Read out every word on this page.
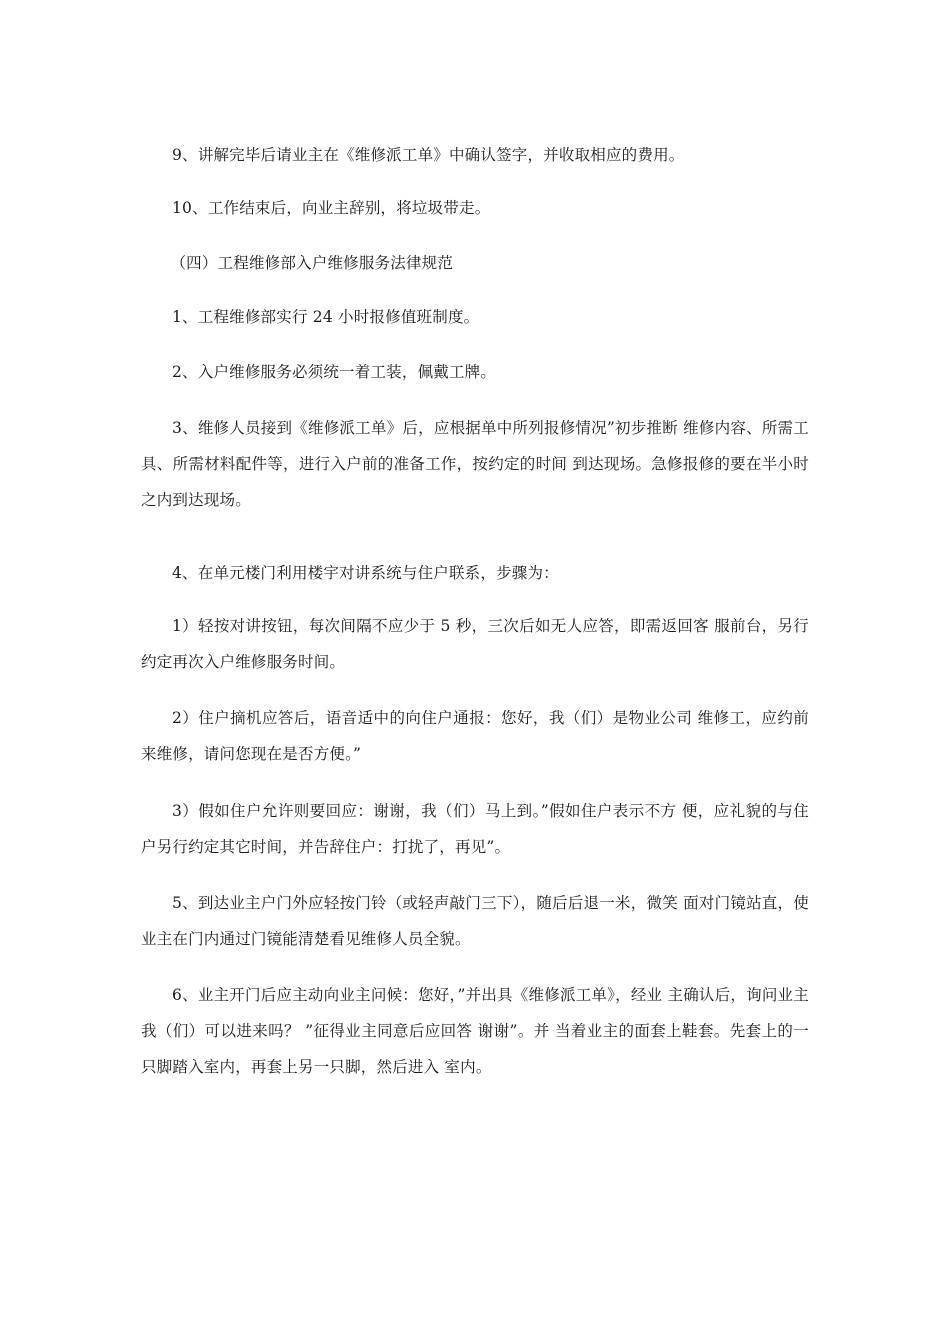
9、讲解完毕后请业主在《维修派工单》中确认签字，并收取相应的费用。

10、工作结束后，向业主辞别，将垃圾带走。

（四）工程维修部入户维修服务法律规范

1、工程维修部实行 24 小时报修值班制度。

2、入户维修服务必须统一着工装，佩戴工牌。

3、维修人员接到《维修派工单》后，应根据单中所列报修情况”初步推断 维修内容、所需工具、所需材料配件等，进行入户前的准备工作，按约定的时间 到达现场。急修报修的要在半小时之内到达现场。

4、在单元楼门利用楼宇对讲系统与住户联系，步骤为：

1）轻按对讲按钮，每次间隔不应少于 5 秒，三次后如无人应答，即需返回客 服前台，另行约定再次入户维修服务时间。

2）住户摘机应答后，语音适中的向住户通报：您好，我（们）是物业公司 维修工，应约前来维修，请问您现在是否方便。”

3）假如住户允许则要回应：谢谢，我（们）马上到。”假如住户表示不方 便，应礼貌的与住户另行约定其它时间，并告辞住户：打扰了，再见”。

5、到达业主户门外应轻按门铃（或轻声敲门三下），随后后退一米，微笑 面对门镜站直，使业主在门内通过门镜能清楚看见维修人员全貌。

6、业主开门后应主动向业主问候：您好，”并出具《维修派工单》，经业 主确认后，询问业主我（们）可以进来吗？ ”征得业主同意后应回答 谢谢”。并 当着业主的面套上鞋套。先套上的一只脚踏入室内，再套上另一只脚，然后进入 室内。
